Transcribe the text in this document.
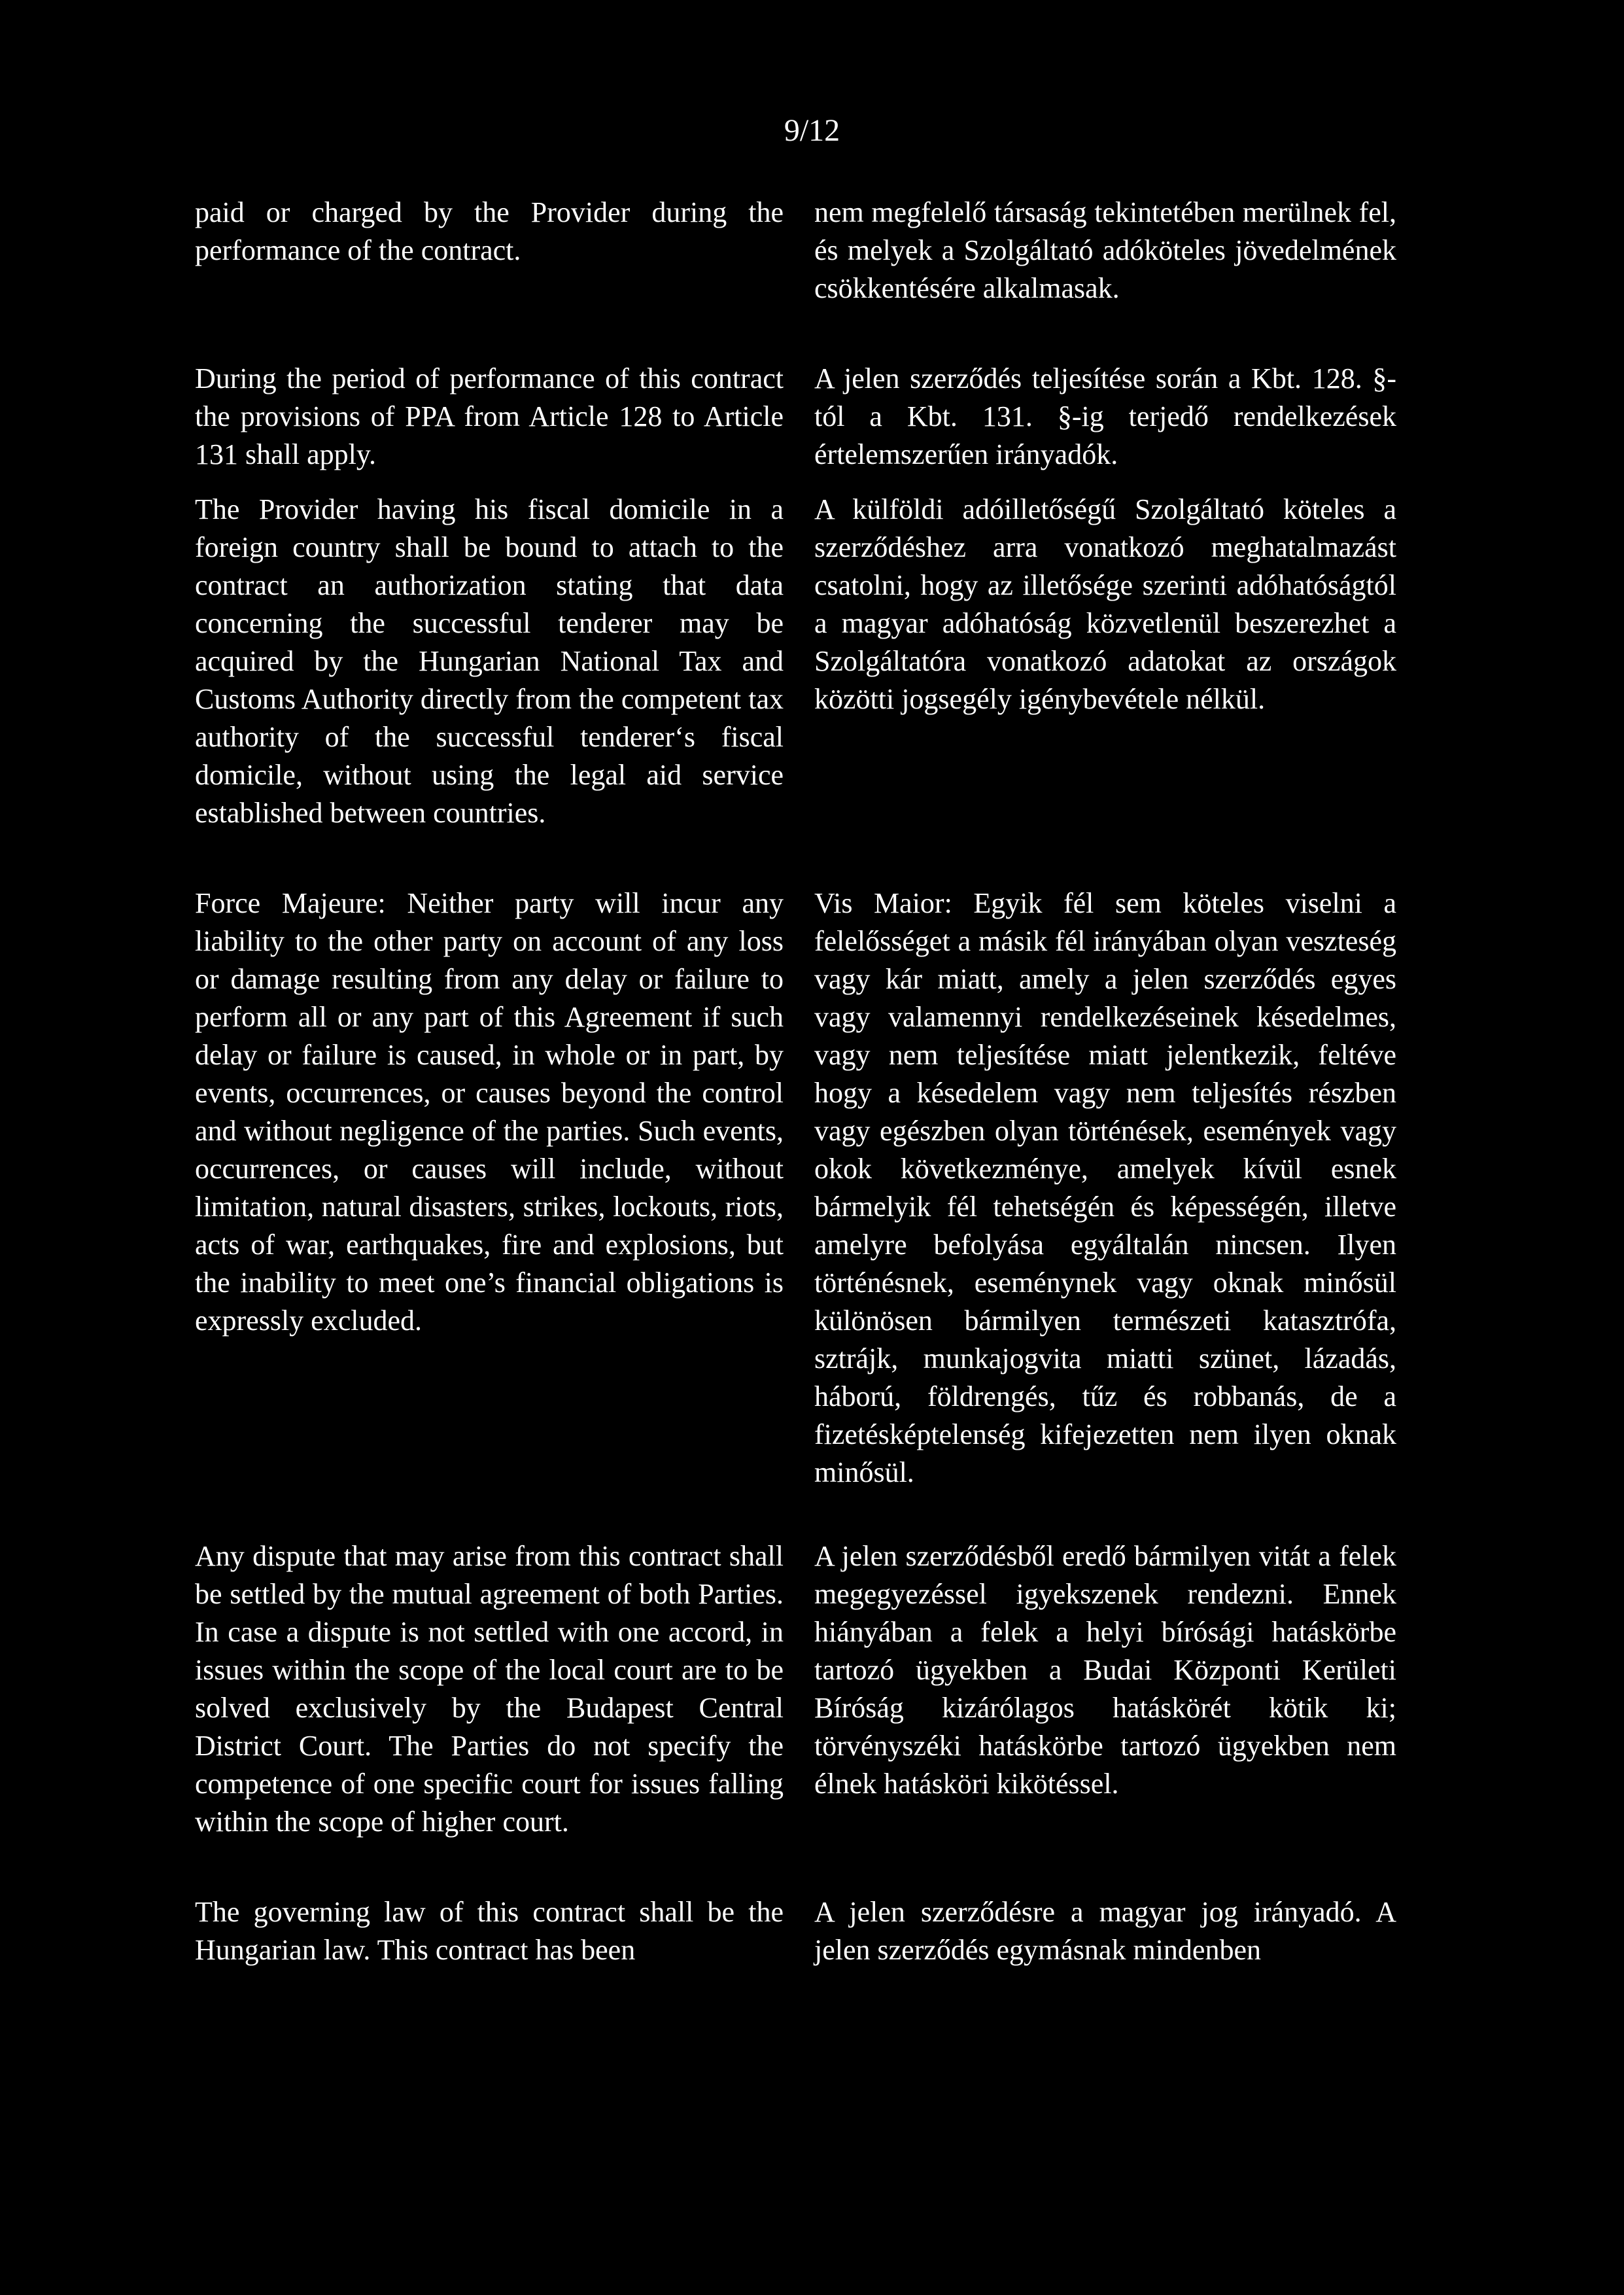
9/12

paid or charged by the Provider during the performance of the contract.

During the period of performance of this contract the provisions of PPA from Article 128 to Article 131 shall apply.

The Provider having his fiscal domicile in a foreign country shall be bound to attach to the contract an authorization stating that data concerning the successful tenderer may be acquired by the Hungarian National Tax and Customs Authority directly from the competent tax authority of the successful tenderer‘s fiscal domicile, without using the legal aid service established between countries.

Force Majeure: Neither party will incur any liability to the other party on account of any loss or damage resulting from any delay or failure to perform all or any part of this Agreement if such delay or failure is caused, in whole or in part, by events, occurrences, or causes beyond the control and without negligence of the parties. Such events, occurrences, or causes will include, without limitation, natural disasters, strikes, lockouts, riots, acts of war, earthquakes, fire and explosions, but the inability to meet one’s financial obligations is expressly excluded.

Any dispute that may arise from this contract shall be settled by the mutual agreement of both Parties. In case a dispute is not settled with one accord, in issues within the scope of the local court are to be solved exclusively by the Budapest Central District Court. The Parties do not specify the competence of one specific court for issues falling within the scope of higher court.

The governing law of this contract shall be the Hungarian law. This contract has been

nem megfelelő társaság tekintetében merülnek fel, és melyek a Szolgáltató adóköteles jövedelmének csökkentésére alkalmasak.

A jelen szerződés teljesítése során a Kbt. 128. §-tól a Kbt. 131. §-ig terjedő rendelkezések értelemszerűen irányadók.

A külföldi adóilletőségű Szolgáltató köteles a szerződéshez arra vonatkozó meghatalmazást csatolni, hogy az illetősége szerinti adóhatóságtól a magyar adóhatóság közvetlenül beszerezhet a Szolgáltatóra vonatkozó adatokat az országok közötti jogsegély igénybevétele nélkül.

Vis Maior: Egyik fél sem köteles viselni a felelősséget a másik fél irányában olyan veszteség vagy kár miatt, amely a jelen szerződés egyes vagy valamennyi rendelkezéseinek késedelmes, vagy nem teljesítése miatt jelentkezik, feltéve hogy a késedelem vagy nem teljesítés részben vagy egészben olyan történések, események vagy okok következménye, amelyek kívül esnek bármelyik fél tehetségén és képességén, illetve amelyre befolyása egyáltalán nincsen. Ilyen történésnek, eseménynek vagy oknak minősül különösen bármilyen természeti katasztrófa, sztrájk, munkajogvita miatti szünet, lázadás, háború, földrengés, tűz és robbanás, de a fizetésképtelenség kifejezetten nem ilyen oknak minősül.

A jelen szerződésből eredő bármilyen vitát a felek megegyezéssel igyekszenek rendezni. Ennek hiányában a felek a helyi bírósági hatáskörbe tartozó ügyekben a Budai Központi Kerületi Bíróság kizárólagos hatáskörét kötik ki; törvényszéki hatáskörbe tartozó ügyekben nem élnek hatásköri kikötéssel.

A jelen szerződésre a magyar jog irányadó. A jelen szerződés egymásnak mindenben
